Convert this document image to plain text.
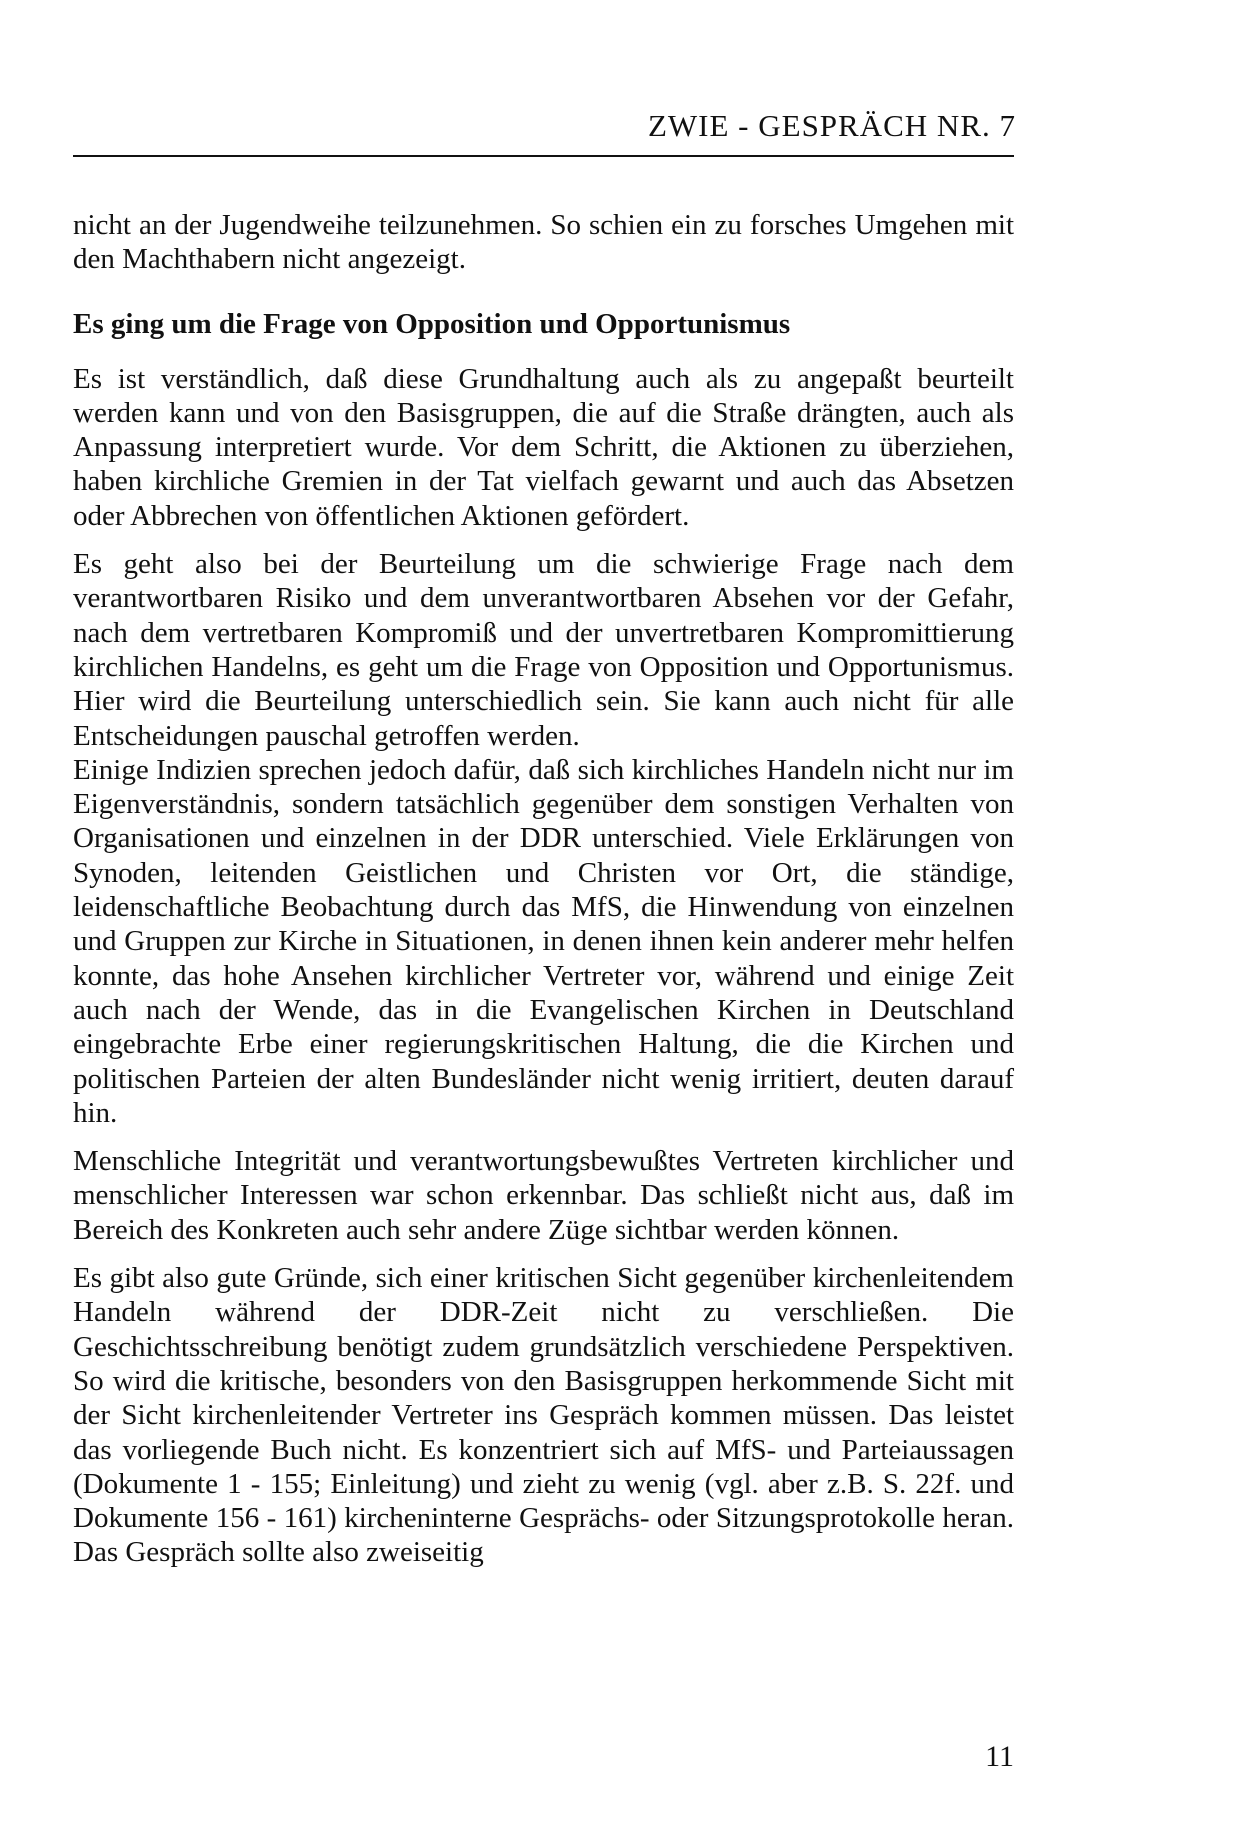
ZWIE - GESPRÄCH NR. 7

nicht an der Jugendweihe teilzunehmen. So schien ein zu forsches Umgehen mit den Machthabern nicht angezeigt.

Es ging um die Frage von Opposition und Opportunismus

Es ist verständlich, daß diese Grundhaltung auch als zu angepaßt beurteilt werden kann und von den Basisgruppen, die auf die Straße drängten, auch als Anpassung interpretiert wurde. Vor dem Schritt, die Aktionen zu überziehen, haben kirchliche Gremien in der Tat vielfach gewarnt und auch das Absetzen oder Abbrechen von öffentlichen Aktionen gefördert.

Es geht also bei der Beurteilung um die schwierige Frage nach dem verantwortbaren Risiko und dem unverantwortbaren Absehen vor der Gefahr, nach dem vertretbaren Kompromiß und der unvertretbaren Kompromittierung kirchlichen Handelns, es geht um die Frage von Opposition und Opportunismus. Hier wird die Beurteilung unterschiedlich sein. Sie kann auch nicht für alle Entscheidungen pauschal getroffen werden.

Einige Indizien sprechen jedoch dafür, daß sich kirchliches Handeln nicht nur im Eigenverständnis, sondern tatsächlich gegenüber dem sonstigen Verhalten von Organisationen und einzelnen in der DDR unterschied. Viele Erklärungen von Synoden, leitenden Geistlichen und Christen vor Ort, die ständige, leidenschaftliche Beobachtung durch das MfS, die Hinwendung von einzelnen und Gruppen zur Kirche in Situationen, in denen ihnen kein anderer mehr helfen konnte, das hohe Ansehen kirchlicher Vertreter vor, während und einige Zeit auch nach der Wende, das in die Evangelischen Kirchen in Deutschland eingebrachte Erbe einer regierungskritischen Haltung, die die Kirchen und politischen Parteien der alten Bundesländer nicht wenig irritiert, deuten darauf hin.

Menschliche Integrität und verantwortungsbewußtes Vertreten kirchlicher und menschlicher Interessen war schon erkennbar. Das schließt nicht aus, daß im Bereich des Konkreten auch sehr andere Züge sichtbar werden können.

Es gibt also gute Gründe, sich einer kritischen Sicht gegenüber kirchenleitendem Handeln während der DDR-Zeit nicht zu verschließen. Die Geschichtsschreibung benötigt zudem grundsätzlich verschiedene Perspektiven. So wird die kritische, besonders von den Basisgruppen herkommende Sicht mit der Sicht kirchenleitender Vertreter ins Gespräch kommen müssen. Das leistet das vorliegende Buch nicht. Es konzentriert sich auf MfS- und Parteiaussagen (Dokumente 1 - 155; Einleitung) und zieht zu wenig (vgl. aber z.B. S. 22f. und Dokumente 156 - 161) kircheninterne Gesprächs- oder Sitzungsprotokolle heran. Das Gespräch sollte also zweiseitig

11
